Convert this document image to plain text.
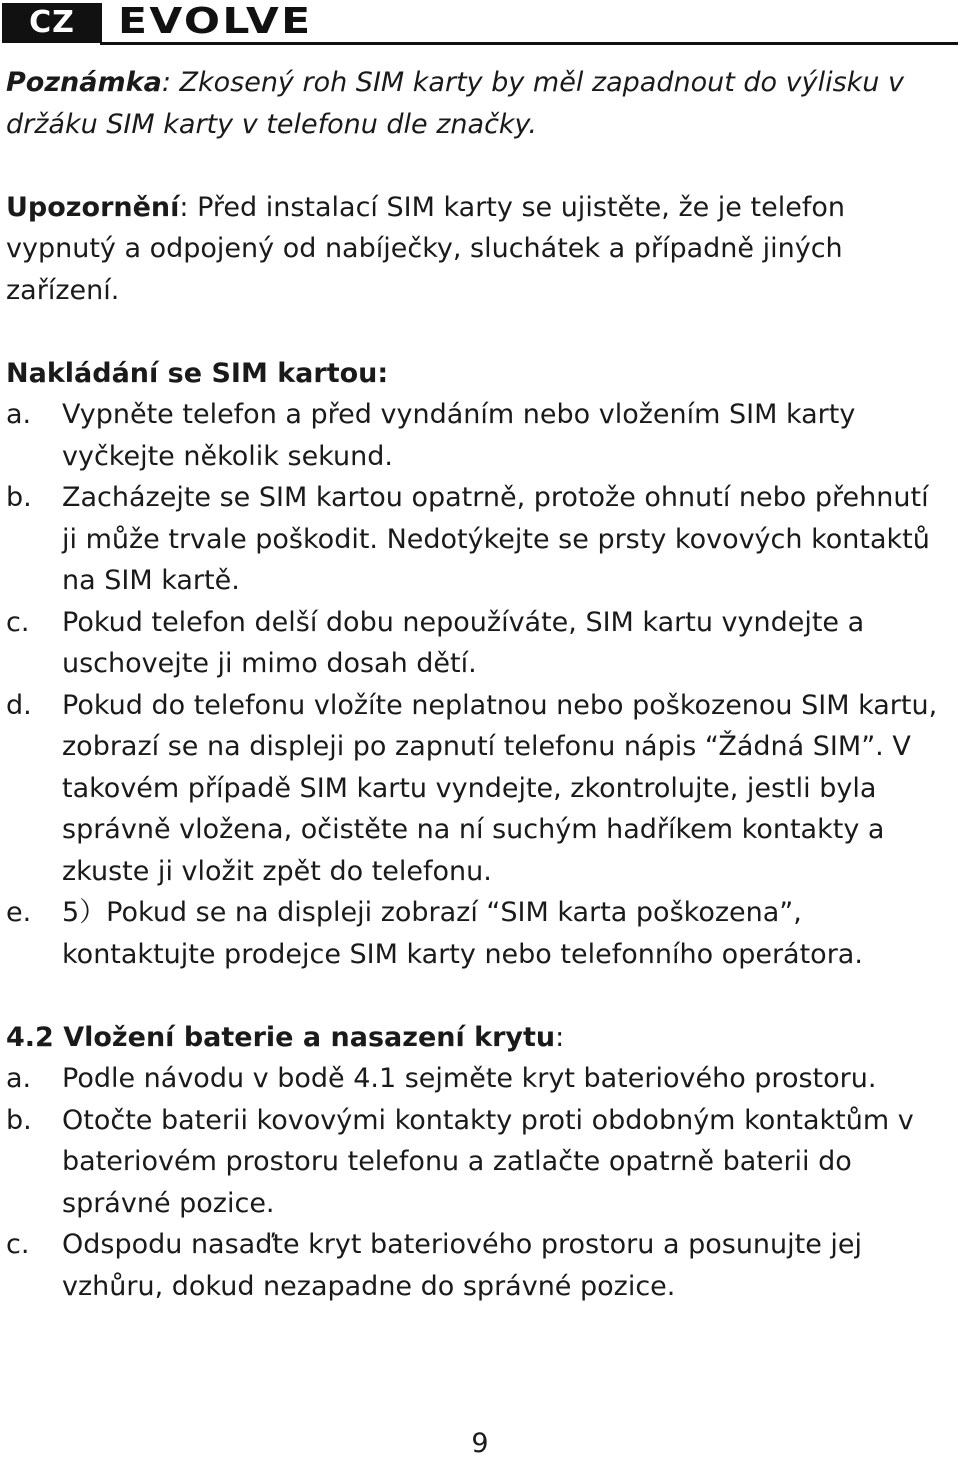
CZ	EVOLVE

Poznámka: Zkosený roh SIM karty by měl zapadnout do výlisku v držáku SIM karty v telefonu dle značky.

Upozornění: Před instalací SIM karty se ujistěte, že je telefon vypnutý a odpojený od nabíječky, sluchátek a případně jiných zařízení.

Nakládání se SIM kartou:

a.	Vypněte telefon a před vyndáním nebo vložením SIM karty vyčkejte několik sekund.
b.	Zacházejte se SIM kartou opatrně, protože ohnutí nebo přehnutí ji může trvale poškodit. Nedotýkejte se prsty kovových kontaktů na SIM kartě.
c.	Pokud telefon delší dobu nepoužíváte, SIM kartu vyndejte a uschovejte ji mimo dosah dětí.
d.	Pokud do telefonu vložíte neplatnou nebo poškozenou SIM kartu, zobrazí se na displeji po zapnutí telefonu nápis “Žádná SIM”. V takovém případě SIM kartu vyndejte, zkontrolujte, jestli byla správně vložena, očistěte na ní suchým hadříkem kontakty a zkuste ji vložit zpět do telefonu.
e.	5）Pokud se na displeji zobrazí “SIM karta poškozena”, kontaktujte prodejce SIM karty nebo telefonního operátora.

4.2 Vložení baterie a nasazení krytu:

a.	Podle návodu v bodě 4.1 sejměte kryt bateriového prostoru.
b.	Otočte baterii kovovými kontakty proti obdobným kontaktům v bateriovém prostoru telefonu a zatlačte opatrně baterii do správné pozice.
c.	Odspodu nasaďte kryt bateriového prostoru a posunujte jej vzhůru, dokud nezapadne do správné pozice.
9
